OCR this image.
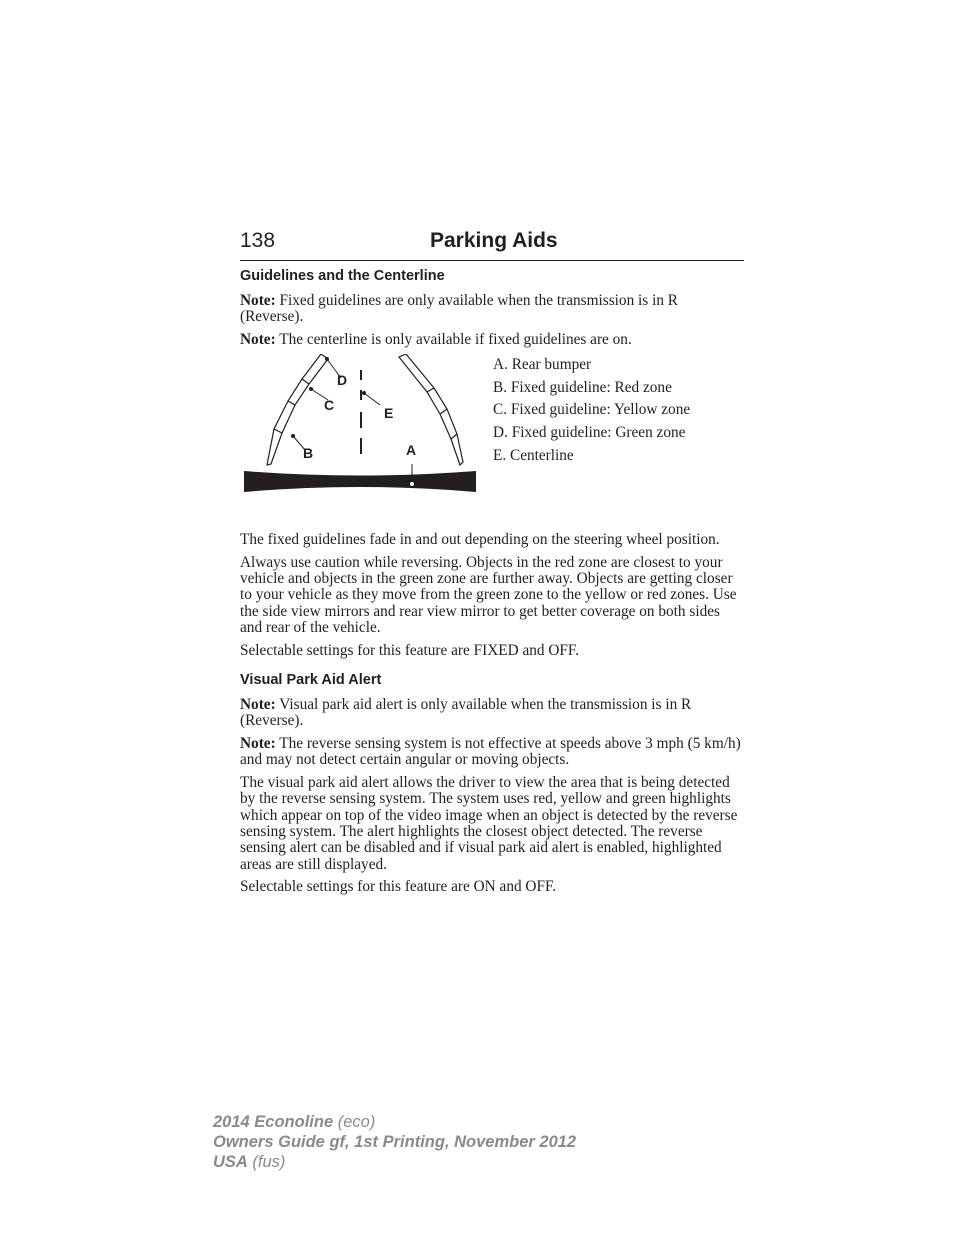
138	Parking Aids
Guidelines and the Centerline

Note: Fixed guidelines are only available when the transmission is in R (Reverse).

Note: The centerline is only available if fixed guidelines are on.

D
C	E
B	A
A. Rear bumper
B. Fixed guideline: Red zone
C. Fixed guideline: Yellow zone
D. Fixed guideline: Green zone
E. Centerline

The fixed guidelines fade in and out depending on the steering wheel position.

Always use caution while reversing. Objects in the red zone are closest to your vehicle and objects in the green zone are further away. Objects are getting closer to your vehicle as they move from the green zone to the yellow or red zones. Use the side view mirrors and rear view mirror to get better coverage on both sides and rear of the vehicle.

Selectable settings for this feature are FIXED and OFF.

Visual Park Aid Alert

Note: Visual park aid alert is only available when the transmission is in R (Reverse).

Note: The reverse sensing system is not effective at speeds above 3 mph (5 km/h) and may not detect certain angular or moving objects.

The visual park aid alert allows the driver to view the area that is being detected by the reverse sensing system. The system uses red, yellow and green highlights which appear on top of the video image when an object is detected by the reverse sensing system. The alert highlights the closest object detected. The reverse sensing alert can be disabled and if visual park aid alert is enabled, highlighted areas are still displayed.

Selectable settings for this feature are ON and OFF.

2014 Econoline (eco)
Owners Guide gf, 1st Printing, November 2012
USA (fus)
